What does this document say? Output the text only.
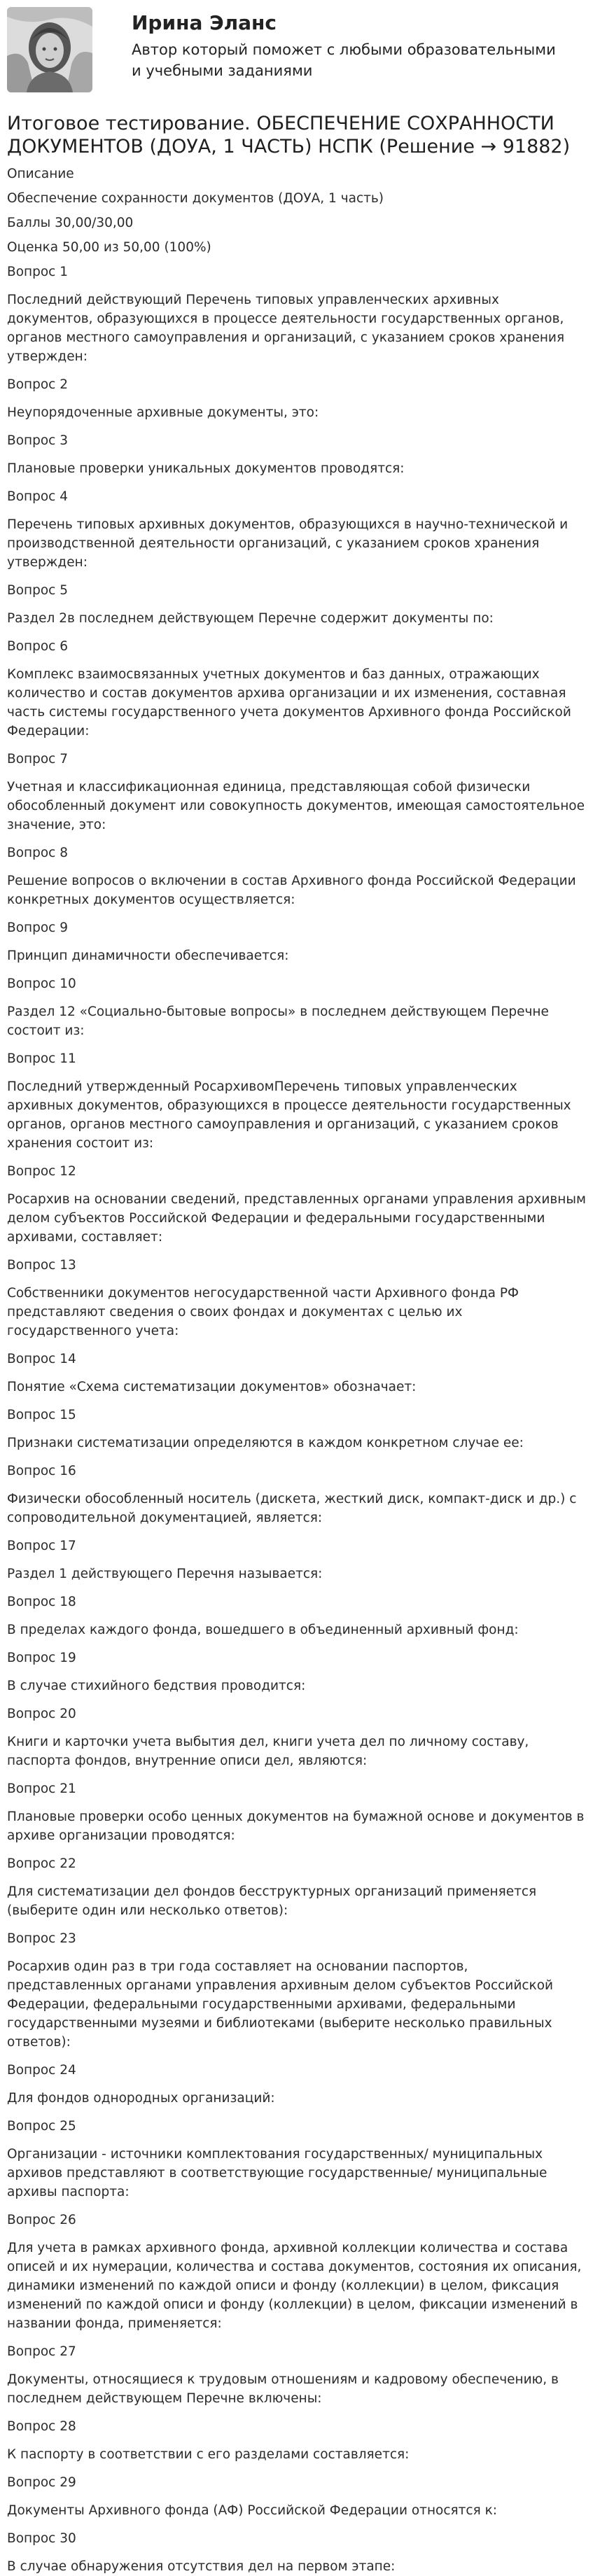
Ирина Эланс
Автор который поможет с любыми образовательными и учебными заданиями
Итоговое тестирование. ОБЕСПЕЧЕНИЕ СОХРАННОСТИ ДОКУМЕНТОВ (ДОУА, 1 ЧАСТЬ) НСПК (Решение → 91882)
Описание
Обеспечение сохранности документов (ДОУА, 1 часть)
Баллы 30,00/30,00
Оценка 50,00 из 50,00 (100%)
Вопрос 1
Последний действующий Перечень типовых управленческих архивных документов, образующихся в процессе деятельности государственных органов, органов местного самоуправления и организаций, с указанием сроков хранения утвержден:
Вопрос 2
Неупорядоченные архивные документы, это:
Вопрос 3
Плановые проверки уникальных документов проводятся:
Вопрос 4
Перечень типовых архивных документов, образующихся в научно-технической и производственной деятельности организаций, с указанием сроков хранения утвержден:
Вопрос 5
Раздел 2в последнем действующем Перечне содержит документы по:
Вопрос 6
Комплекс взаимосвязанных учетных документов и баз данных, отражающих количество и состав документов архива организации и их изменения, составная часть системы государственного учета документов Архивного фонда Российской Федерации:
Вопрос 7
Учетная и классификационная единица, представляющая собой физически обособленный документ или совокупность документов, имеющая самостоятельное значение, это:
Вопрос 8
Решение вопросов о включении в состав Архивного фонда Российской Федерации конкретных документов осуществляется:
Вопрос 9
Принцип динамичности обеспечивается:
Вопрос 10
Раздел 12 «Социально-бытовые вопросы» в последнем действующем Перечне состоит из:
Вопрос 11
Последний утвержденный РосархивомПеречень типовых управленческих архивных документов, образующихся в процессе деятельности государственных органов, органов местного самоуправления и организаций, с указанием сроков хранения состоит из:
Вопрос 12
Росархив на основании сведений, представленных органами управления архивным делом субъектов Российской Федерации и федеральными государственными архивами, составляет:
Вопрос 13
Собственники документов негосударственной части Архивного фонда РФ представляют сведения о своих фондах и документах с целью их государственного учета:
Вопрос 14
Понятие «Схема систематизации документов» обозначает:
Вопрос 15
Признаки систематизации определяются в каждом конкретном случае ее:
Вопрос 16
Физически обособленный носитель (дискета, жесткий диск, компакт-диск и др.) с сопроводительной документацией, является:
Вопрос 17
Раздел 1 действующего Перечня называется:
Вопрос 18
В пределах каждого фонда, вошедшего в объединенный архивный фонд:
Вопрос 19
В случае стихийного бедствия проводится:
Вопрос 20
Книги и карточки учета выбытия дел, книги учета дел по личному составу, паспорта фондов, внутренние описи дел, являются:
Вопрос 21
Плановые проверки особо ценных документов на бумажной основе и документов в архиве организации проводятся:
Вопрос 22
Для систематизации дел фондов бесструктурных организаций применяется (выберите один или несколько ответов):
Вопрос 23
Росархив один раз в три года составляет на основании паспортов, представленных органами управления архивным делом субъектов Российской Федерации, федеральными государственными архивами, федеральными государственными музеями и библиотеками (выберите несколько правильных ответов):
Вопрос 24
Для фондов однородных организаций:
Вопрос 25
Организации - источники комплектования государственных/ муниципальных архивов представляют в соответствующие государственные/ муниципальные архивы паспорта:
Вопрос 26
Для учета в рамках архивного фонда, архивной коллекции количества и состава описей и их нумерации, количества и состава документов, состояния их описания, динамики изменений по каждой описи и фонду (коллекции) в целом, фиксация изменений по каждой описи и фонду (коллекции) в целом, фиксации изменений в названии фонда, применяется:
Вопрос 27
Документы, относящиеся к трудовым отношениям и кадровому обеспечению, в последнем действующем Перечне включены:
Вопрос 28
К паспорту в соответствии с его разделами составляется:
Вопрос 29
Документы Архивного фонда (АФ) Российской Федерации относятся к:
Вопрос 30
В случае обнаружения отсутствия дел на первом этапе:
